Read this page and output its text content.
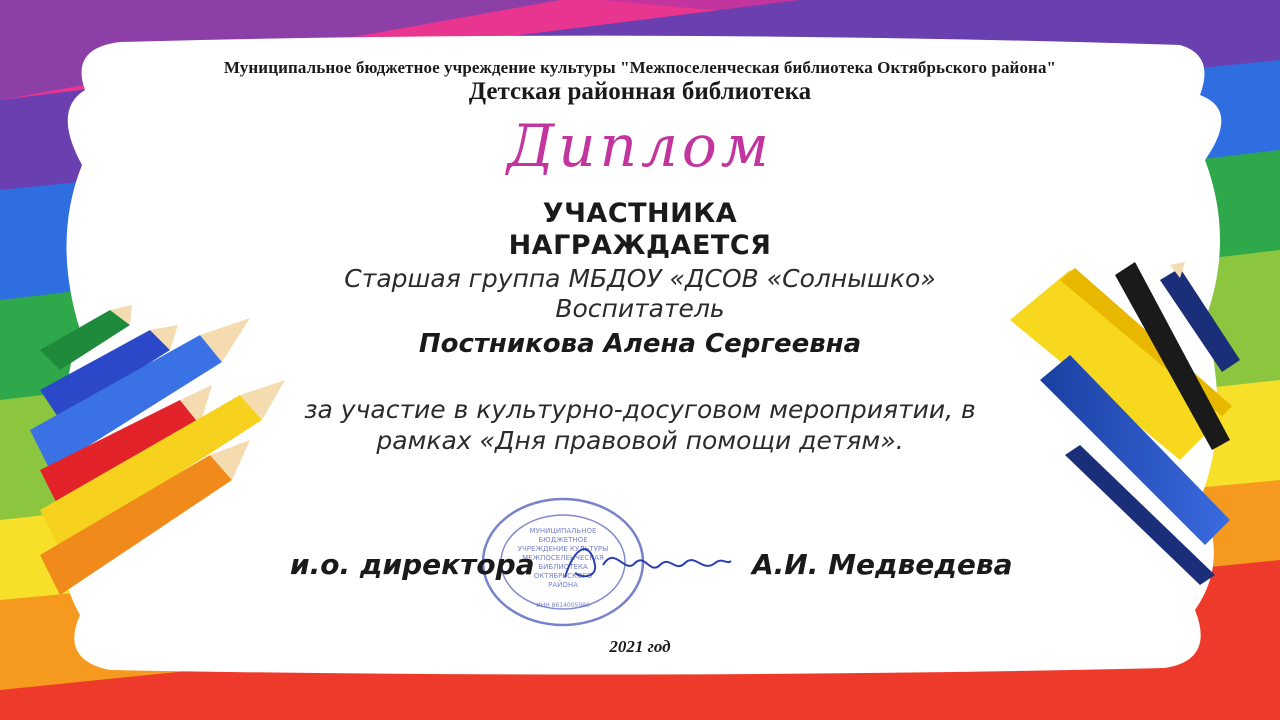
Муниципальное бюджетное учреждение культуры "Межпоселенческая библиотека Октябрьского района"
Детская районная библиотека
Диплом
УЧАСТНИКА
НАГРАЖДАЕТСЯ
Старшая группа МБДОУ «ДСОВ «Солнышко»
Воспитатель
Постникова Алена Сергеевна
за участие в культурно-досуговом мероприятии, в
рамках «Дня правовой помощи детям».
МУНИЦИПАЛЬНОЕ
БЮДЖЕТНОЕ
УЧРЕЖДЕНИЕ КУЛЬТУРЫ
МЕЖПОСЕЛЕНЧЕСКАЯ
БИБЛИОТЕКА
ОКТЯБРЬСКОГО
РАЙОНА
ИНН 8614005980
и.о. директора	А.И. Медведева
2021 год
